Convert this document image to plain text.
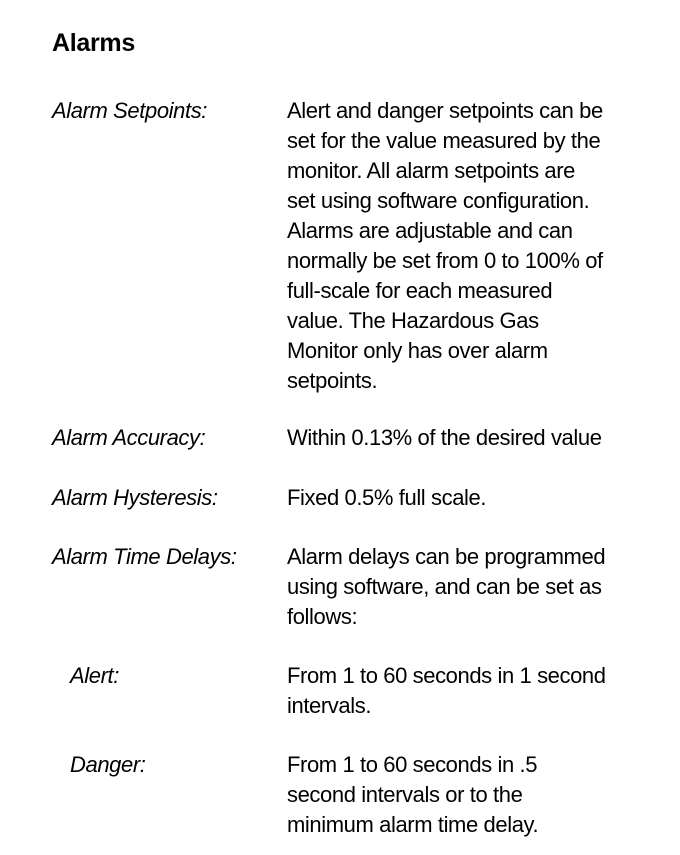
Alarms
Alarm Setpoints:	Alert and danger setpoints can be
set for the value measured by the
monitor. All alarm setpoints are
set using software configuration.
Alarms are adjustable and can
normally be set from 0 to 100% of
full-scale for each measured
value. The Hazardous Gas
Monitor only has over alarm
setpoints.
Alarm Accuracy:	Within 0.13% of the desired value
Alarm Hysteresis:	Fixed 0.5% full scale.
Alarm Time Delays: Alarm delays can be programmed
using software, and can be set as
follows:
Alert:	From 1 to 60 seconds in 1 second
intervals.
Danger:	From 1 to 60 seconds in .5
second intervals or to the
minimum alarm time delay.
